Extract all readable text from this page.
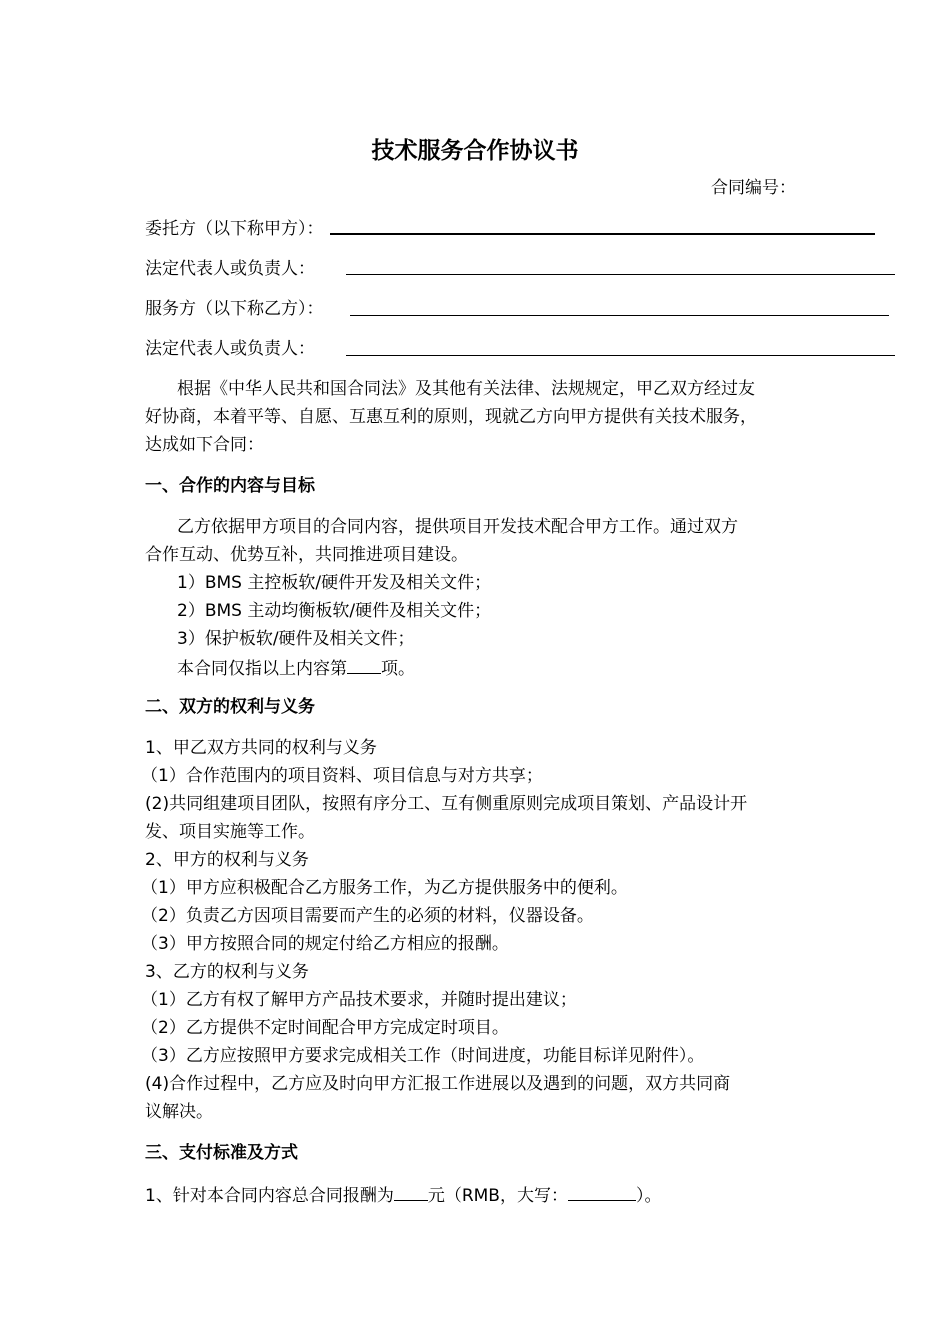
技术服务合作协议书
合同编号：
委托方（以下称甲方）：
法定代表人或负责人：
服务方（以下称乙方）：
法定代表人或负责人：
根据《中华人民共和国合同法》及其他有关法律、法规规定，甲乙双方经过友
好协商，本着平等、自愿、互惠互利的原则，现就乙方向甲方提供有关技术服务，
达成如下合同：
一、合作的内容与目标
乙方依据甲方项目的合同内容，提供项目开发技术配合甲方工作。通过双方
合作互动、优势互补，共同推进项目建设。
1）BMS 主控板软/硬件开发及相关文件；
2）BMS 主动均衡板软/硬件及相关文件；
3）保护板软/硬件及相关文件；
本合同仅指以上内容第 项。
二、双方的权利与义务
1、甲乙双方共同的权利与义务
（1）合作范围内的项目资料、项目信息与对方共享；
(2)共同组建项目团队，按照有序分工、互有侧重原则完成项目策划、产品设计开
发、项目实施等工作。
2、甲方的权利与义务
（1）甲方应积极配合乙方服务工作，为乙方提供服务中的便利。
（2）负责乙方因项目需要而产生的必须的材料，仪器设备。
（3）甲方按照合同的规定付给乙方相应的报酬。
3、乙方的权利与义务
（1）乙方有权了解甲方产品技术要求，并随时提出建议；
（2）乙方提供不定时间配合甲方完成定时项目。
（3）乙方应按照甲方要求完成相关工作（时间进度，功能目标详见附件）。
(4)合作过程中，乙方应及时向甲方汇报工作进展以及遇到的问题，双方共同商
议解决。
三、支付标准及方式
1、针对本合同内容总合同报酬为 元（RMB，大写：	）。
